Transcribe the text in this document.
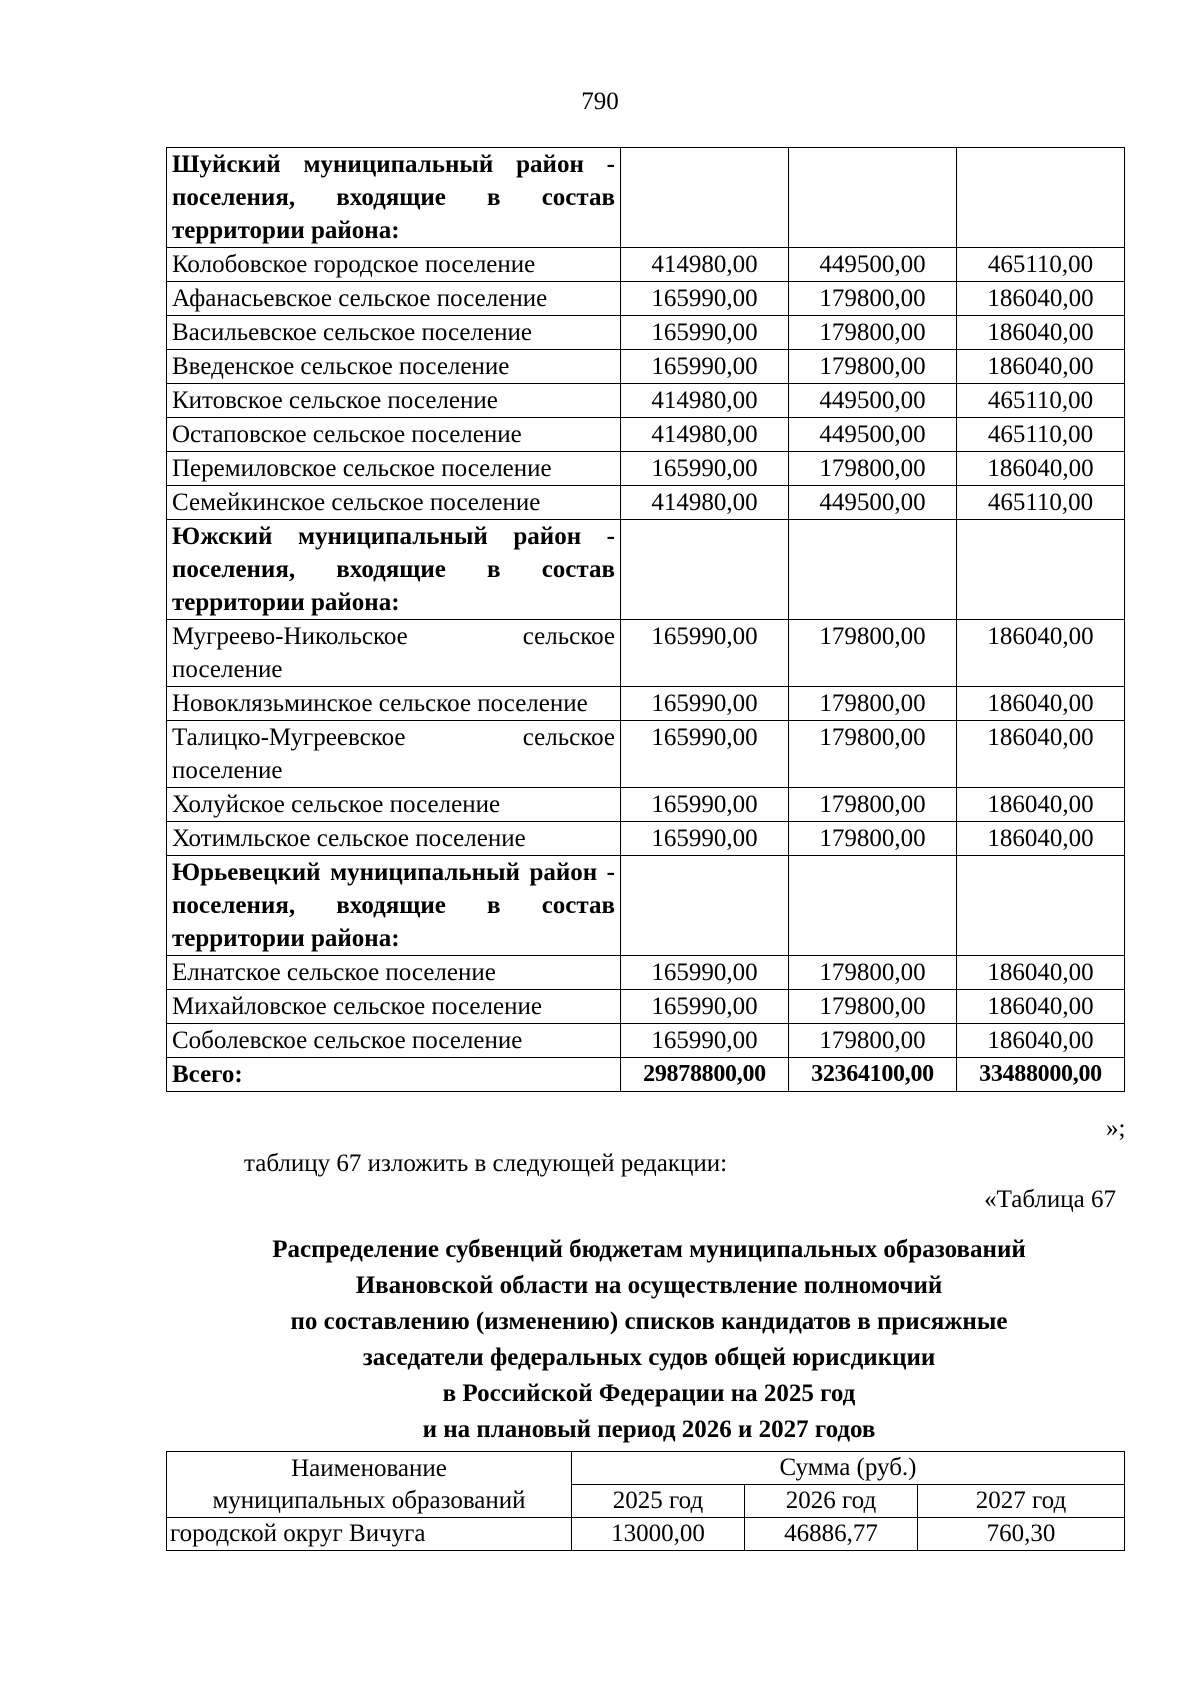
790
Шуйский муниципальный район - поселения, входящие в состав территории района:			
Колобовское городское поселение	414980,00	449500,00	465110,00
Афанасьевское сельское поселение	165990,00	179800,00	186040,00
Васильевское сельское поселение	165990,00	179800,00	186040,00
Введенское сельское поселение	165990,00	179800,00	186040,00
Китовское сельское поселение	414980,00	449500,00	465110,00
Остаповское сельское поселение	414980,00	449500,00	465110,00
Перемиловское сельское поселение	165990,00	179800,00	186040,00
Семейкинское сельское поселение	414980,00	449500,00	465110,00
Южский муниципальный район - поселения, входящие в состав территории района:			
Мугреево-Никольское сельское поселение	165990,00	179800,00	186040,00
Новоклязьминское сельское поселение	165990,00	179800,00	186040,00
Талицко-Мугреевское сельское поселение	165990,00	179800,00	186040,00
Холуйское сельское поселение	165990,00	179800,00	186040,00
Хотимльское сельское поселение	165990,00	179800,00	186040,00
Юрьевецкий муниципальный район - поселения, входящие в состав территории района:			
Елнатское сельское поселение	165990,00	179800,00	186040,00
Михайловское сельское поселение	165990,00	179800,00	186040,00
Соболевское сельское поселение	165990,00	179800,00	186040,00
Всего:	29878800,00	32364100,00	33488000,00
»;
таблицу 67 изложить в следующей редакции:
«Таблица 67
Распределение субвенций бюджетам муниципальных образований
Ивановской области на осуществление полномочий
по составлению (изменению) списков кандидатов в присяжные
заседатели федеральных судов общей юрисдикции
в Российской Федерации на 2025 год
и на плановый период 2026 и 2027 годов
Наименование
муниципальных образований	Сумма (руб.)		
	2025 год	2026 год	2027 год
городской округ Вичуга	13000,00	46886,77	760,30
